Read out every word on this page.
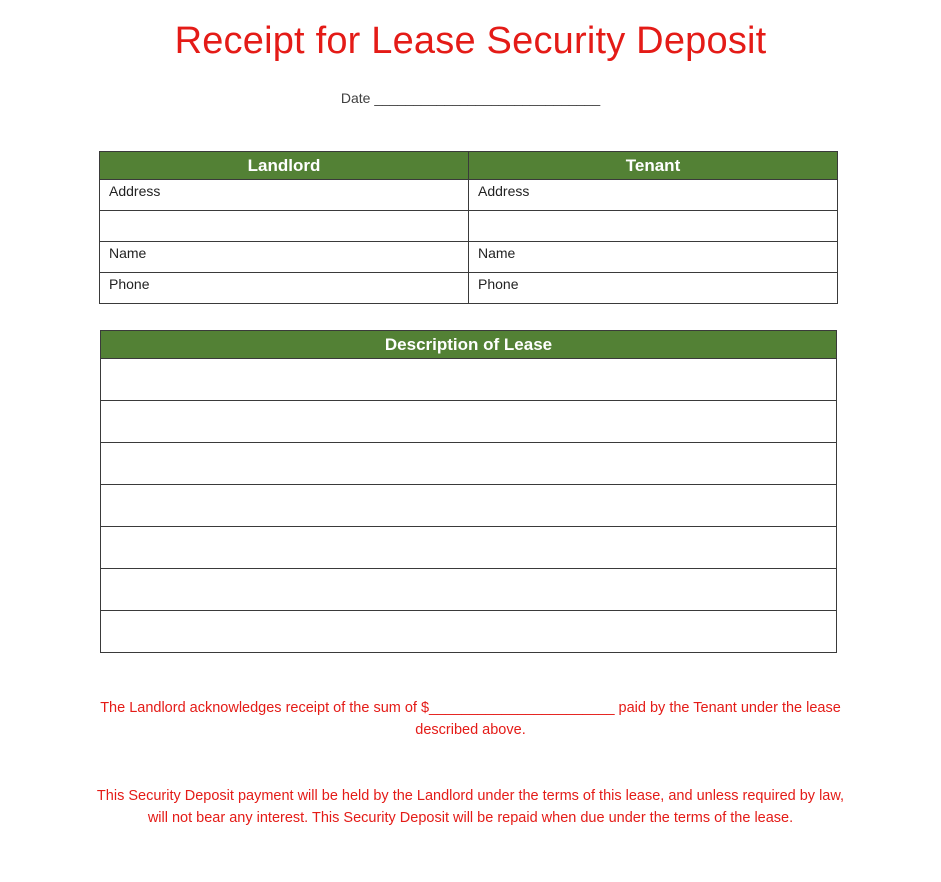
Receipt for Lease Security Deposit
Date _____________________________
Landlord	Tenant
Address	Address

Name	Name
Phone	Phone
Description of Lease

The Landlord acknowledges receipt of the sum of $_______________________ paid by the Tenant under the lease
described above.
This Security Deposit payment will be held by the Landlord under the terms of this lease, and unless required by law,
will not bear any interest. This Security Deposit will be repaid when due under the terms of the lease.
